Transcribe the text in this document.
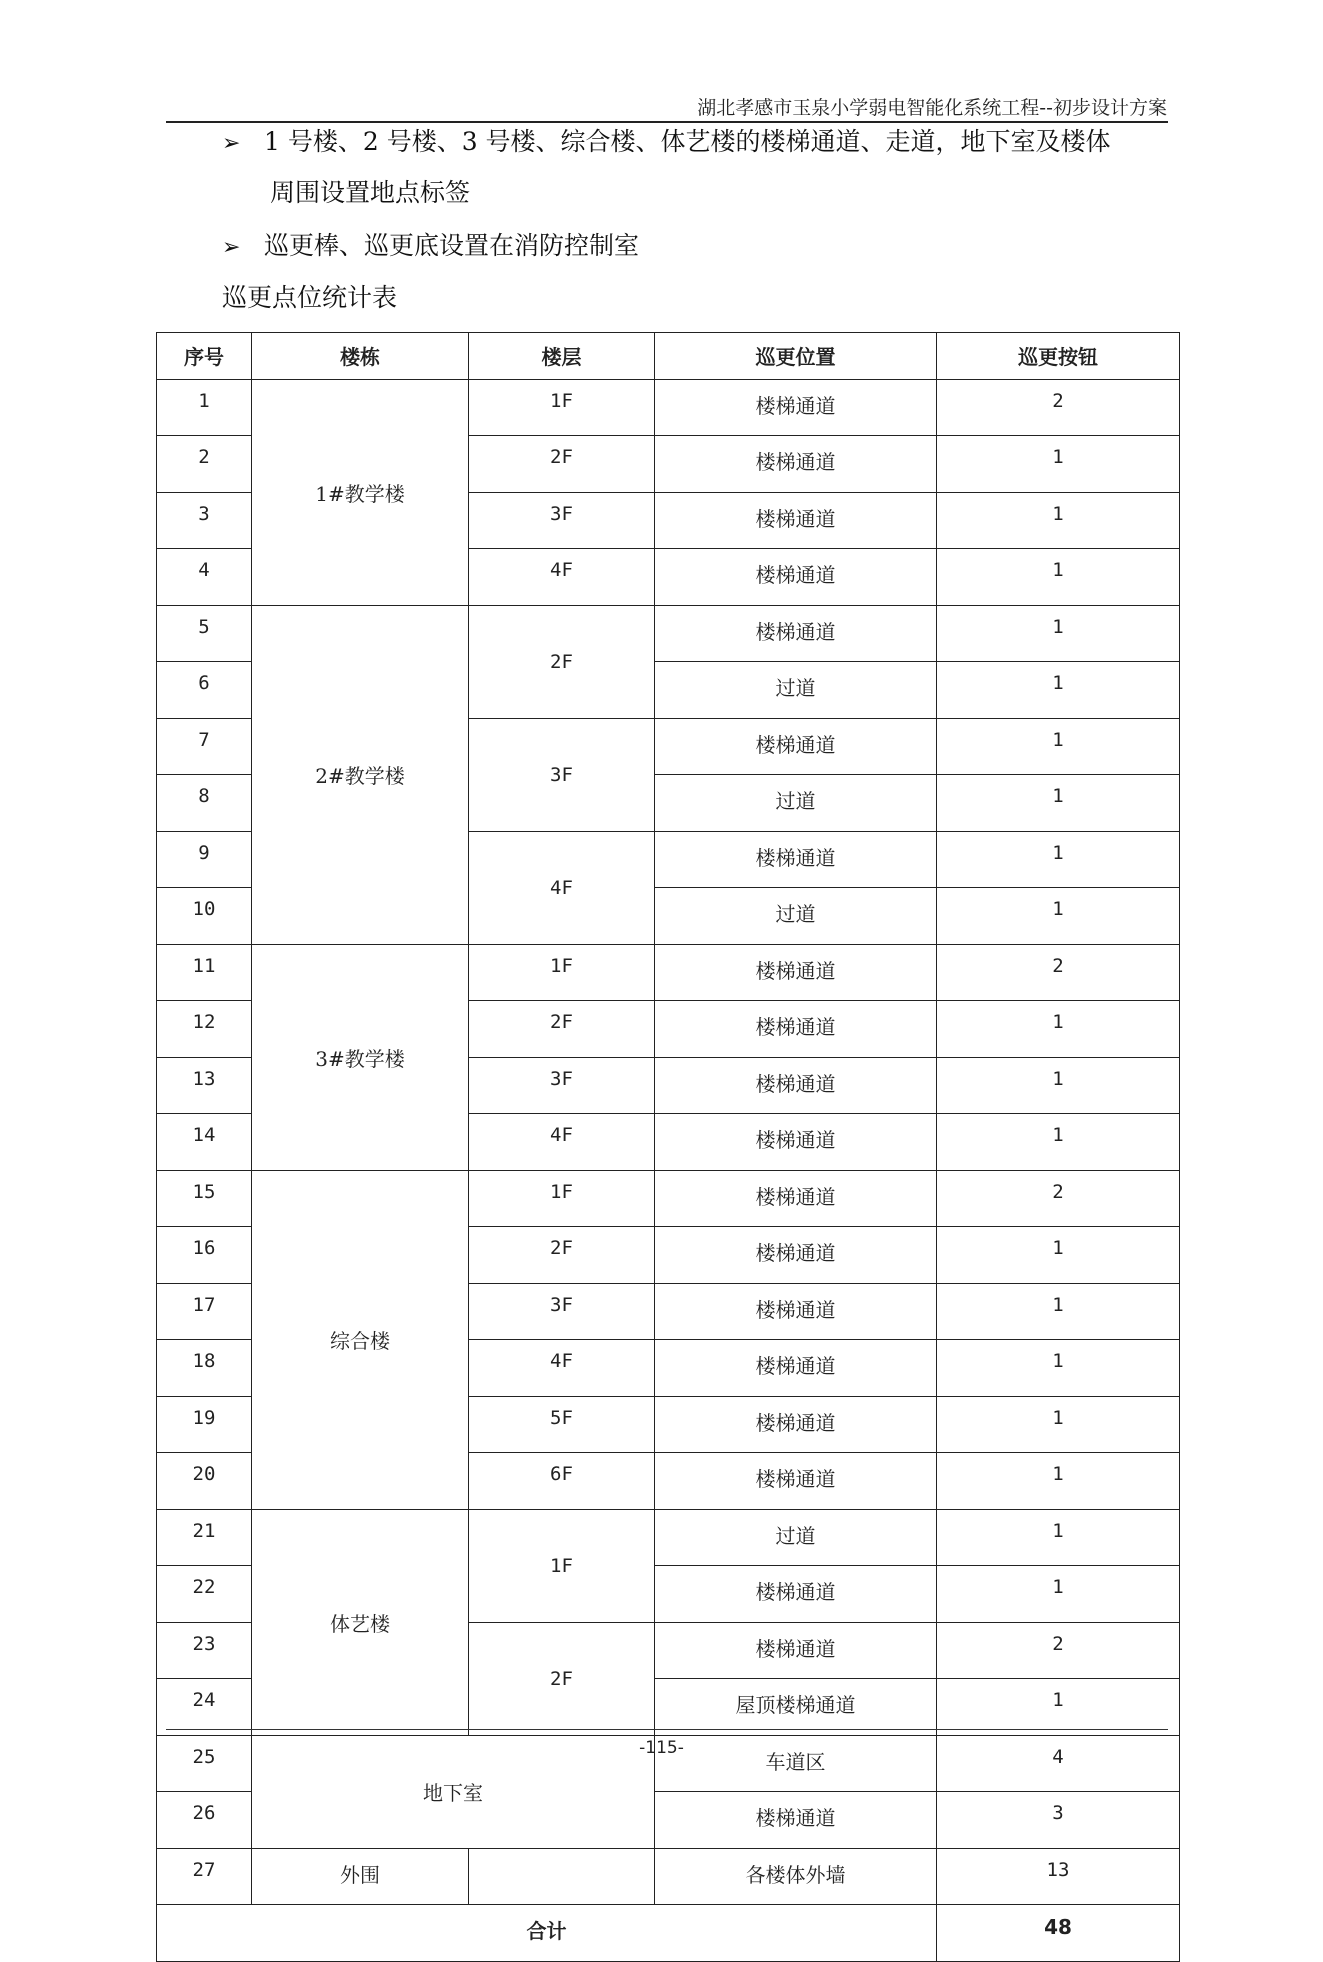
湖北孝感市玉泉小学弱电智能化系统工程--初步设计方案
➢ 1 号楼、2 号楼、3 号楼、综合楼、体艺楼的楼梯通道、走道，地下室及楼体
周围设置地点标签
➢ 巡更棒、巡更底设置在消防控制室
巡更点位统计表
序号	楼栋	楼层	巡更位置	巡更按钮
1	1#教学楼	1F	楼梯通道	2
2		2F	楼梯通道	1
3		3F	楼梯通道	1
4		4F	楼梯通道	1
5	2#教学楼	2F	楼梯通道	1
6			过道	1
7		3F	楼梯通道	1
8			过道	1
9		4F	楼梯通道	1
10			过道	1
11	3#教学楼	1F	楼梯通道	2
12		2F	楼梯通道	1
13		3F	楼梯通道	1
14		4F	楼梯通道	1
15	综合楼	1F	楼梯通道	2
16		2F	楼梯通道	1
17		3F	楼梯通道	1
18		4F	楼梯通道	1
19		5F	楼梯通道	1
20		6F	楼梯通道	1
21	体艺楼	1F	过道	1
22			楼梯通道	1
23		2F	楼梯通道	2
24			屋顶楼梯通道	1
25	地下室		车道区	4
26			楼梯通道	3
27	外围		各楼体外墙	13
合计				48
-115-
